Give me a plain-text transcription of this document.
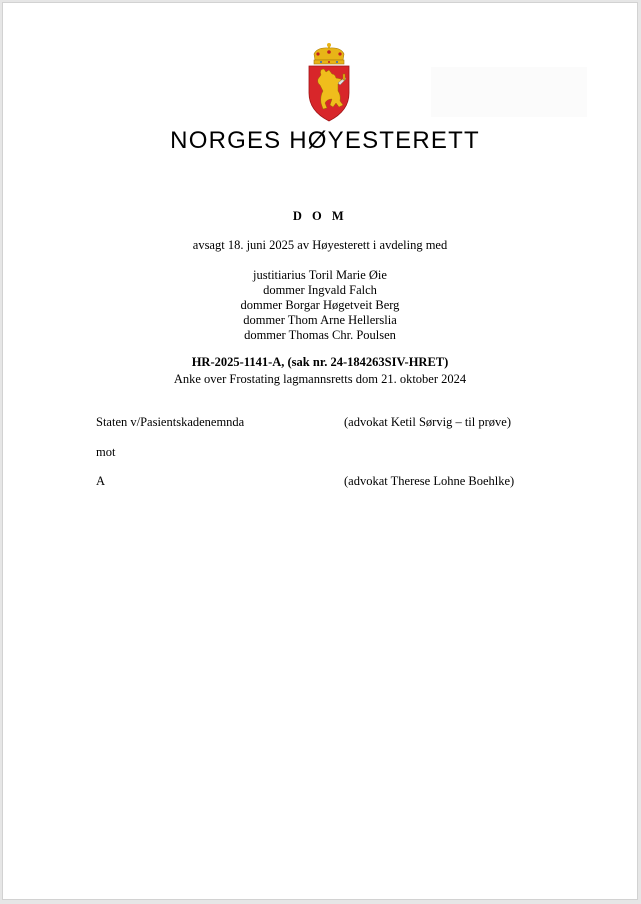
NORGES HØYESTERETT
D O M
avsagt 18. juni 2025 av Høyesterett i avdeling med
justitiarius Toril Marie Øie
dommer Ingvald Falch
dommer Borgar Høgetveit Berg
dommer Thom Arne Hellerslia
dommer Thomas Chr. Poulsen
HR-2025-1141-A, (sak nr. 24-184263SIV-HRET)
Anke over Frostating lagmannsretts dom 21. oktober 2024
Staten v/Pasientskadenemnda	(advokat Ketil Sørvig – til prøve)
mot
A	(advokat Therese Lohne Boehlke)
